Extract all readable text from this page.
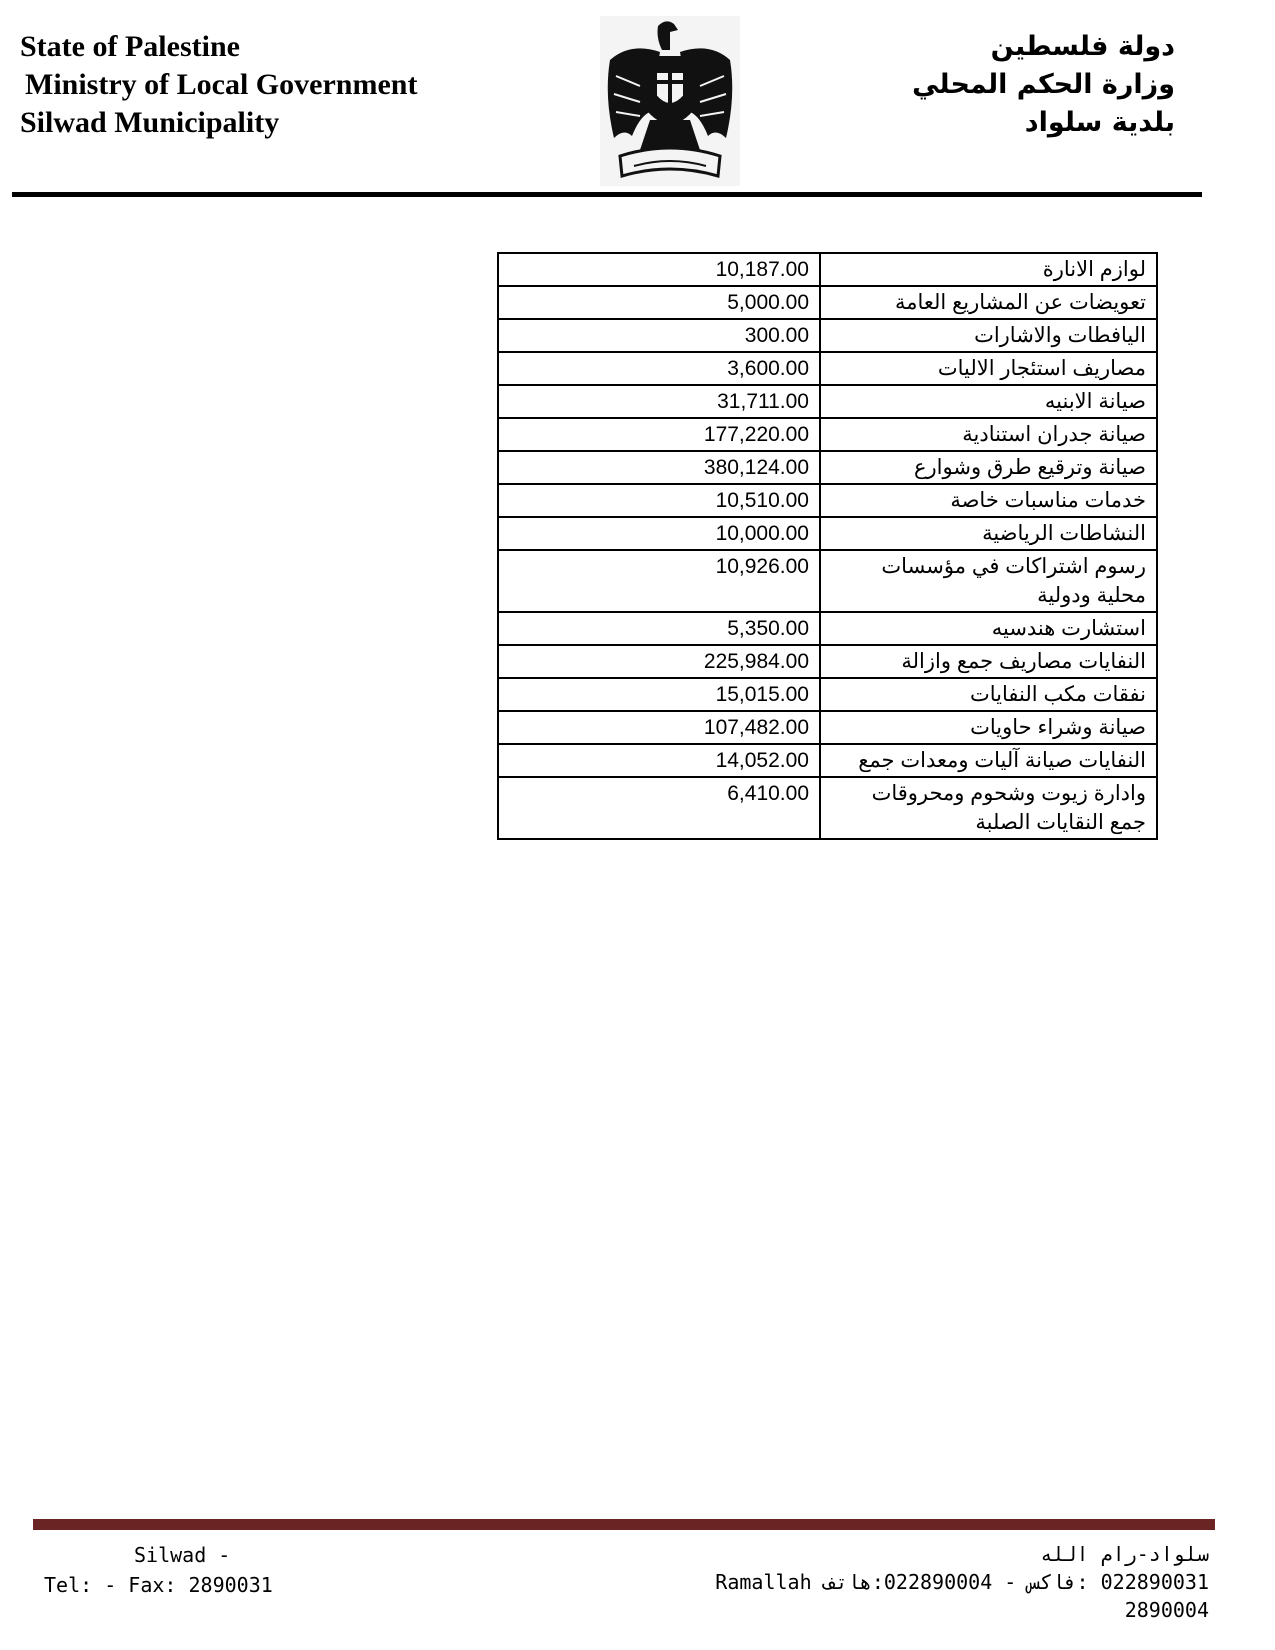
State of Palestine
Ministry of Local Government
Silwad Municipality
دولة فلسطين
وزارة الحكم المحلي
بلدية سلواد
10,187.00	لوازم الانارة
5,000.00	تعويضات عن المشاريع العامة
300.00	اليافطات والاشارات
3,600.00	مصاريف استئجار الاليات
31,711.00	صيانة الابنيه
177,220.00	صيانة جدران استنادية
380,124.00	صيانة وترقيع طرق وشوارع
10,510.00	خدمات مناسبات خاصة
10,000.00	النشاطات الرياضية
10,926.00	رسوم اشتراكات في مؤسسات محلية ودولية
5,350.00	استشارت هندسيه
225,984.00	النفايات مصاريف جمع وازالة
15,015.00	نفقات مكب النفايات
107,482.00	صيانة وشراء حاويات
14,052.00	النفايات صيانة آليات ومعدات جمع
6,410.00	وادارة زيوت وشحوم ومحروقات جمع النقايات الصلبة
Silwad -
Tel: - Fax: 2890031
سلواد-رام الله
022890031 :فاكس - 022890004:هاتف Ramallah
2890004
